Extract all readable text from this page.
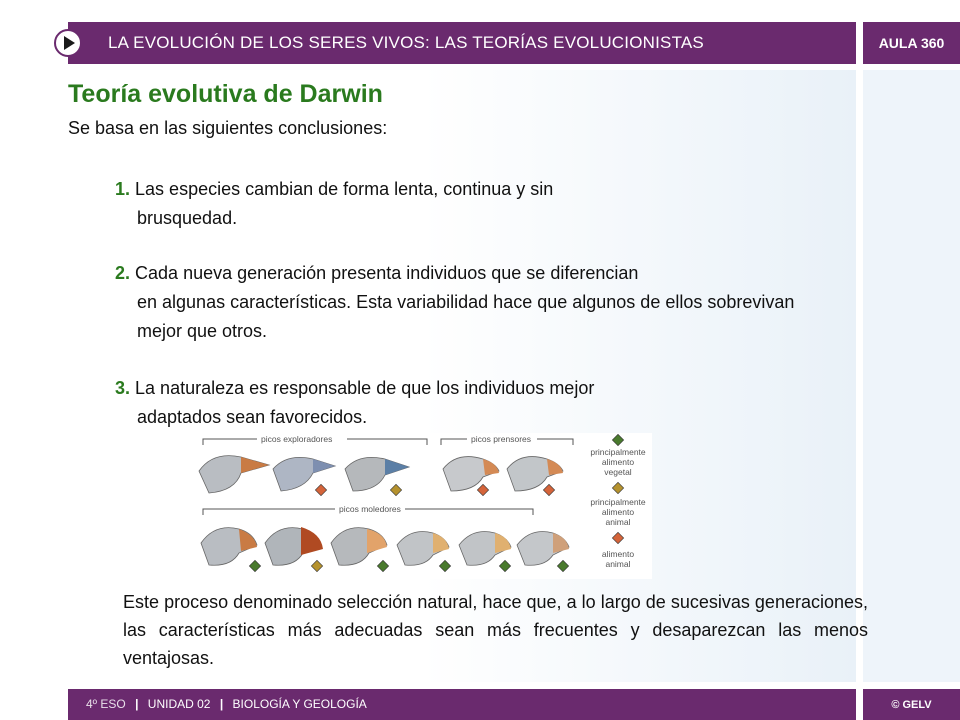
LA EVOLUCIÓN DE LOS SERES VIVOS: LAS TEORÍAS EVOLUCIONISTAS	AULA 360
Teoría evolutiva de Darwin
Se basa en las siguientes conclusiones:
1. Las especies cambian de forma lenta, continua y sin
brusquedad.
2. Cada nueva generación presenta individuos que se diferencian
en algunas características. Esta variabilidad hace que algunos de ellos sobrevivan mejor que otros.
3. La naturaleza es responsable de que los individuos mejor
adaptados sean favorecidos.
picos exploradores	picos prensores
picos moledores
principalmente
alimento
vegetal
principalmente
alimento
animal
alimento
animal
Este proceso denominado selección natural, hace que, a lo largo de sucesivas generaciones, las características más adecuadas sean más frecuentes y desaparezcan las menos ventajosas.
4º ESO | UNIDAD 02 | BIOLOGÍA Y GEOLOGÍA	© GELV
